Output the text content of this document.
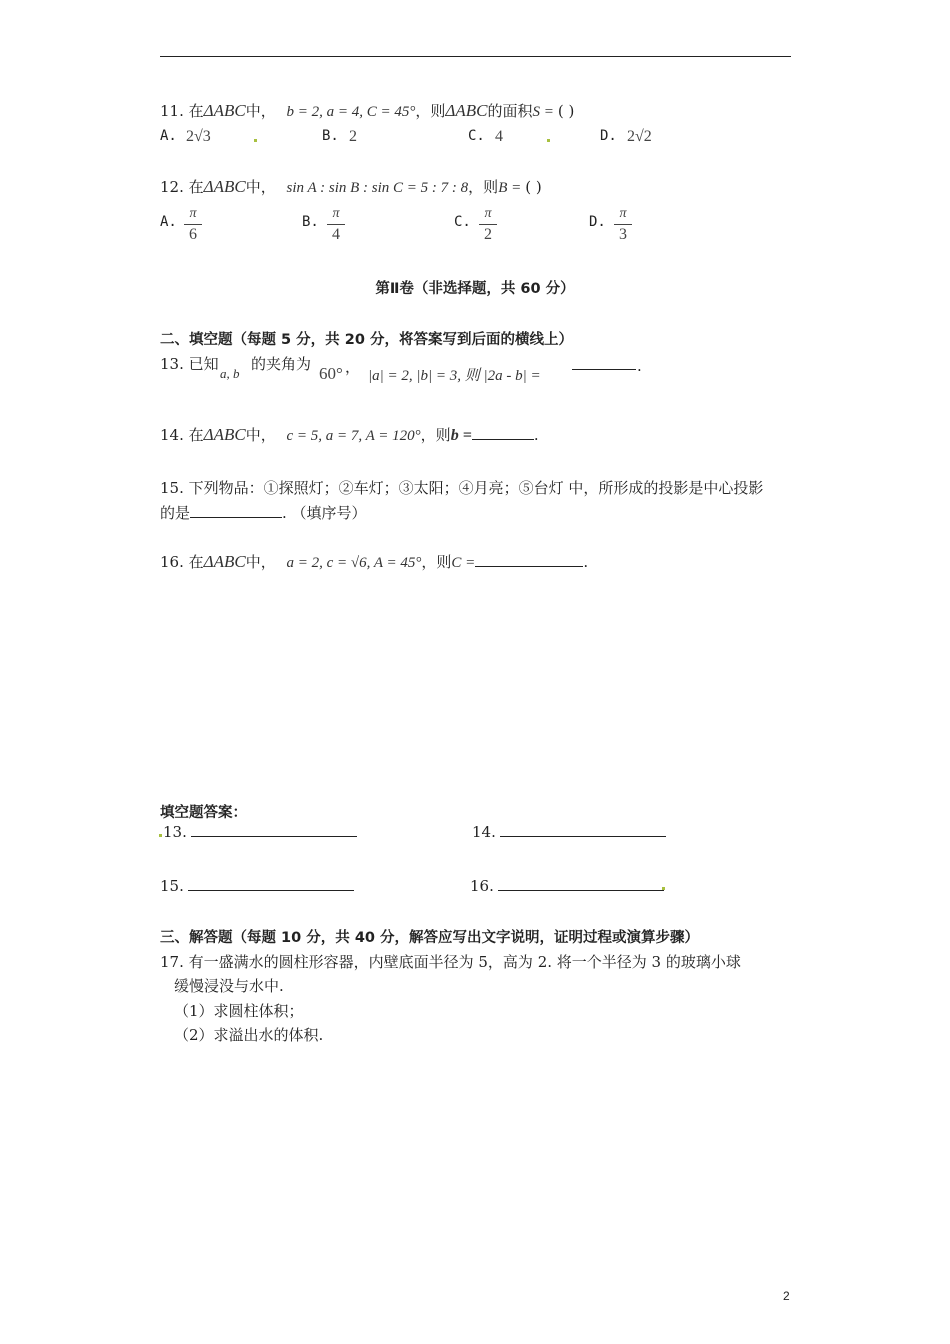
11. 在ΔABC中， b = 2, a = 4, C = 45°，则ΔABC的面积S = ( )
A. 2√3	B. 2	C. 4	D. 2√2
12. 在ΔABC中， sin A : sin B : sin C = 5 : 7 : 8，则B = ( )
A.
π
6
B.
π
4
C.
π
2
D.
π
3
第Ⅱ卷（非选择题，共 60 分）
二、填空题（每题 5 分，共 20 分，将答案写到后面的横线上）
13. 已知
a, b
的夹角为 60° ， |a| = 2, |b| = 3, 则 |2a - b| =
.
14. 在ΔABC中， c = 5, a = 7, A = 120°，则b =	.
15. 下列物品：①探照灯；②车灯；③太阳；④月亮；⑤台灯 中，所形成的投影是中心投影
的是	. （填序号）
16. 在ΔABC中， a = 2, c = √6, A = 45°，则C =	.
填空题答案：
13.	14.
15.	16.
三、解答题（每题 10 分，共 40 分，解答应写出文字说明，证明过程或演算步骤）
17. 有一盛满水的圆柱形容器，内壁底面半径为 5，高为 2. 将一个半径为 3 的玻璃小球
缓慢浸没与水中.
（1）求圆柱体积；
（2）求溢出水的体积.
2
